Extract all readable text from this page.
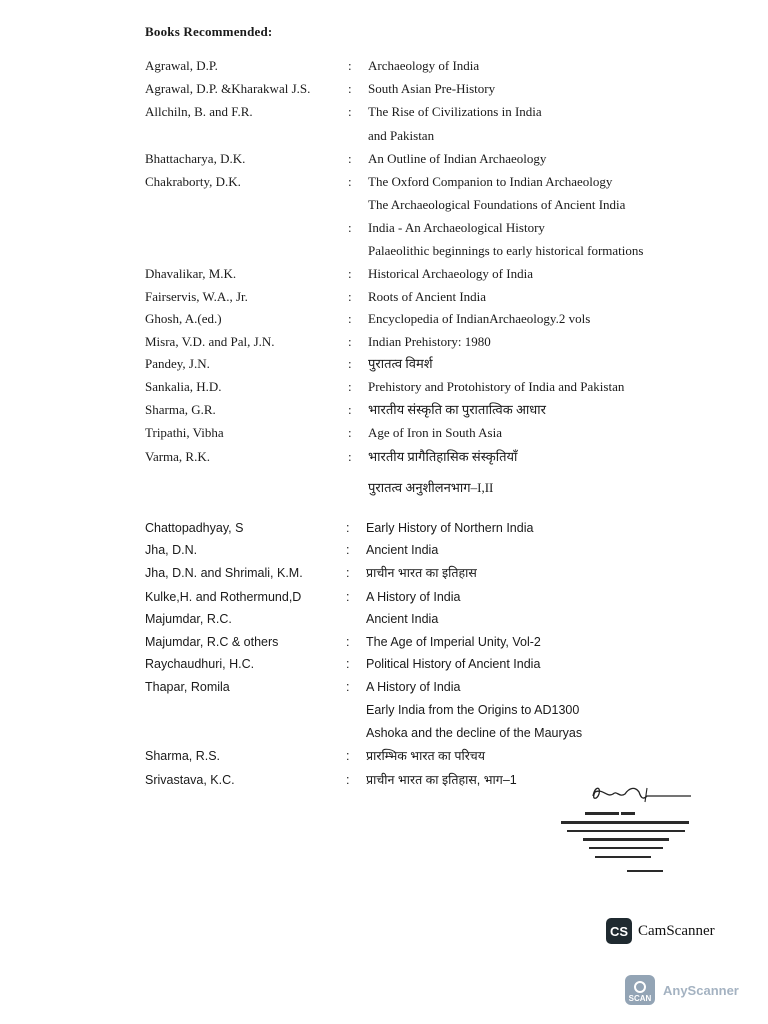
Books Recommended:
Agrawal, D.P.	: Archaeology of India
Agrawal, D.P. &Kharakwal J.S.	: South Asian Pre-History
Allchiln, B. and F.R.	: The Rise of Civilizations in India
and Pakistan
Bhattacharya, D.K.	: An Outline of Indian Archaeology
Chakraborty, D.K.	: The Oxford Companion to Indian Archaeology
The Archaeological Foundations of Ancient India
: India - An Archaeological History
Palaeolithic beginnings to early historical formations
Dhavalikar, M.K.	: Historical Archaeology of India
Fairservis, W.A., Jr.	: Roots of Ancient India
Ghosh, A.(ed.)	: Encyclopedia of IndianArchaeology.2 vols
Misra, V.D. and Pal, J.N.	: Indian Prehistory: 1980
Pandey, J.N.	: पुरातत्व विमर्श
Sankalia, H.D.	: Prehistory and Protohistory of India and Pakistan
Sharma, G.R.	: भारतीय संस्कृति का पुरातात्विक आधार
Tripathi, Vibha	: Age of Iron in South Asia
Varma, R.K.	: भारतीय प्रागैतिहासिक संस्कृतियाँ
पुरातत्व अनुशीलनभाग–I,II
Chattopadhyay, S	: Early History of Northern India
Jha, D.N.	: Ancient India
Jha, D.N. and Shrimali, K.M.	: प्राचीन भारत का इतिहास
Kulke,H. and Rothermund,D	: A History of India
Majumdar, R.C.	Ancient India
Majumdar, R.C & others	: The Age of Imperial Unity, Vol-2
Raychaudhuri, H.C.	: Political History of Ancient India
Thapar, Romila	: A History of India
Early India from the Origins to AD1300
Ashoka and the decline of the Mauryas
Sharma, R.S.	: प्रारम्भिक भारत का परिचय
Srivastava, K.C.	: प्राचीन भारत का इतिहास, भाग–1
CS CamScanner
SCAN
AnyScanner
